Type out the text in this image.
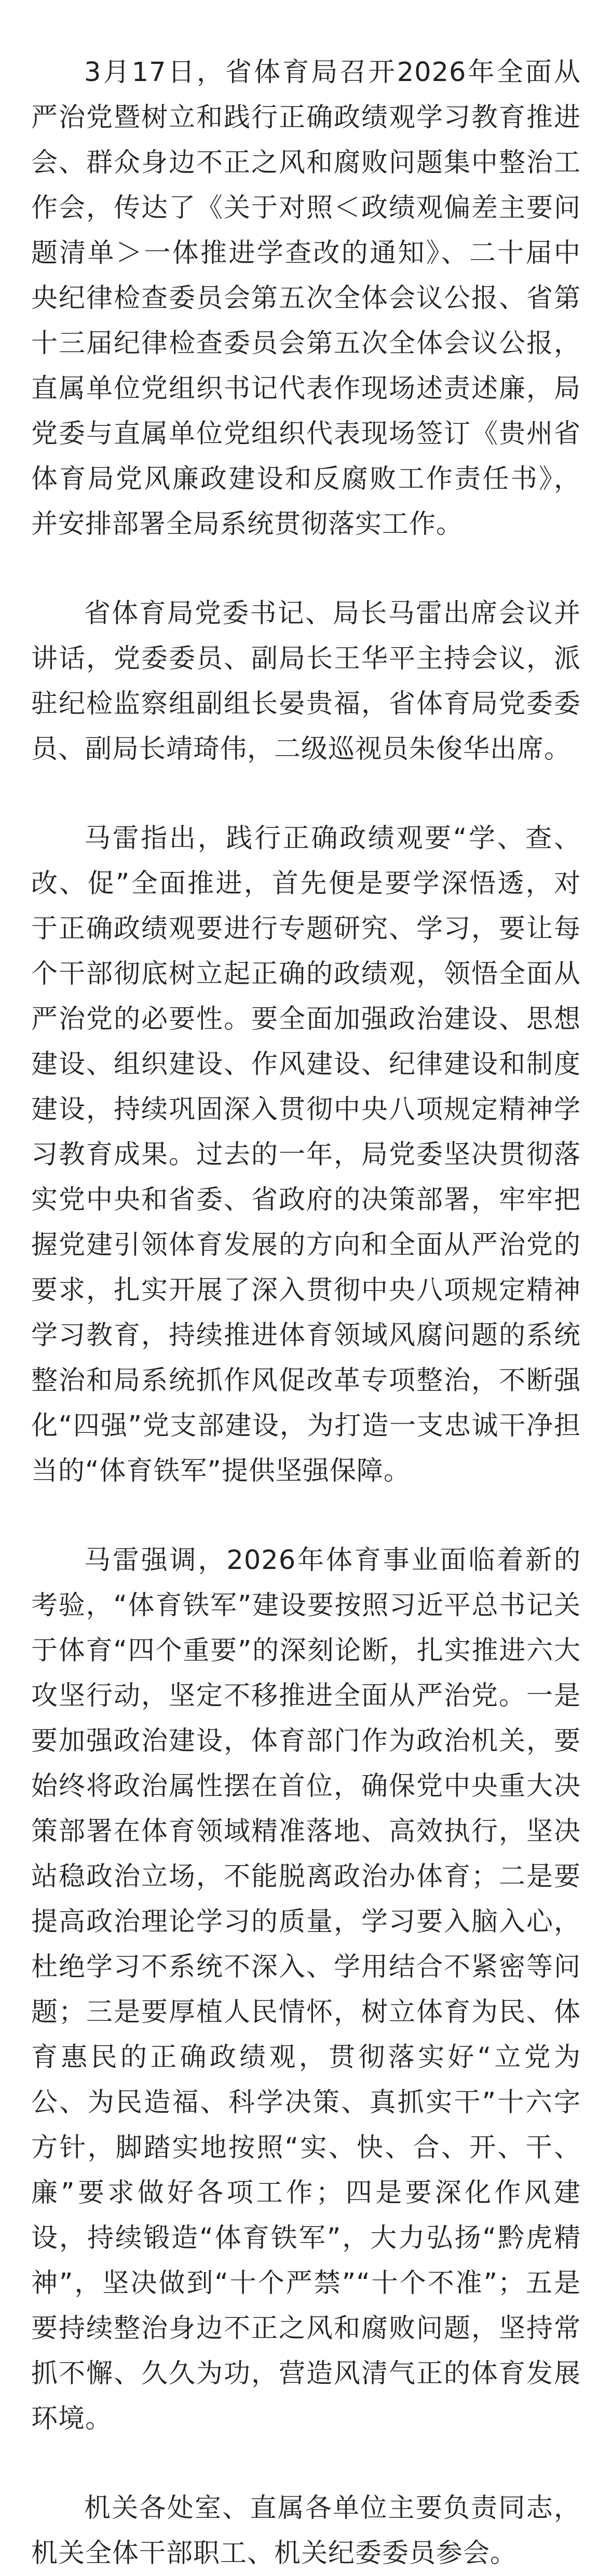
3月17日，省体育局召开2026年全面从严治党暨树立和践行正确政绩观学习教育推进会、群众身边不正之风和腐败问题集中整治工作会，传达了《关于对照＜政绩观偏差主要问题清单＞一体推进学查改的通知》、二十届中央纪律检查委员会第五次全体会议公报、省第十三届纪律检查委员会第五次全体会议公报，直属单位党组织书记代表作现场述责述廉，局党委与直属单位党组织代表现场签订《贵州省体育局党风廉政建设和反腐败工作责任书》，并安排部署全局系统贯彻落实工作。

省体育局党委书记、局长马雷出席会议并讲话，党委委员、副局长王华平主持会议，派驻纪检监察组副组长晏贵福，省体育局党委委员、副局长靖琦伟，二级巡视员朱俊华出席。

马雷指出，践行正确政绩观要“学、查、改、促”全面推进，首先便是要学深悟透，对于正确政绩观要进行专题研究、学习，要让每个干部彻底树立起正确的政绩观，领悟全面从严治党的必要性。要全面加强政治建设、思想建设、组织建设、作风建设、纪律建设和制度建设，持续巩固深入贯彻中央八项规定精神学习教育成果。过去的一年，局党委坚决贯彻落实党中央和省委、省政府的决策部署，牢牢把握党建引领体育发展的方向和全面从严治党的要求，扎实开展了深入贯彻中央八项规定精神学习教育，持续推进体育领域风腐问题的系统整治和局系统抓作风促改革专项整治，不断强化“四强”党支部建设，为打造一支忠诚干净担当的“体育铁军”提供坚强保障。

马雷强调，2026年体育事业面临着新的考验，“体育铁军”建设要按照习近平总书记关于体育“四个重要”的深刻论断，扎实推进六大攻坚行动，坚定不移推进全面从严治党。一是要加强政治建设，体育部门作为政治机关，要始终将政治属性摆在首位，确保党中央重大决策部署在体育领域精准落地、高效执行，坚决站稳政治立场，不能脱离政治办体育；二是要提高政治理论学习的质量，学习要入脑入心，杜绝学习不系统不深入、学用结合不紧密等问题；三是要厚植人民情怀，树立体育为民、体育惠民的正确政绩观，贯彻落实好“立党为公、为民造福、科学决策、真抓实干”十六字方针，脚踏实地按照“实、快、合、开、干、廉”要求做好各项工作；四是要深化作风建设，持续锻造“体育铁军”，大力弘扬“黔虎精神”，坚决做到“十个严禁”“十个不准”；五是要持续整治身边不正之风和腐败问题，坚持常抓不懈、久久为功，营造风清气正的体育发展环境。

机关各处室、直属各单位主要负责同志，机关全体干部职工、机关纪委委员参会。
